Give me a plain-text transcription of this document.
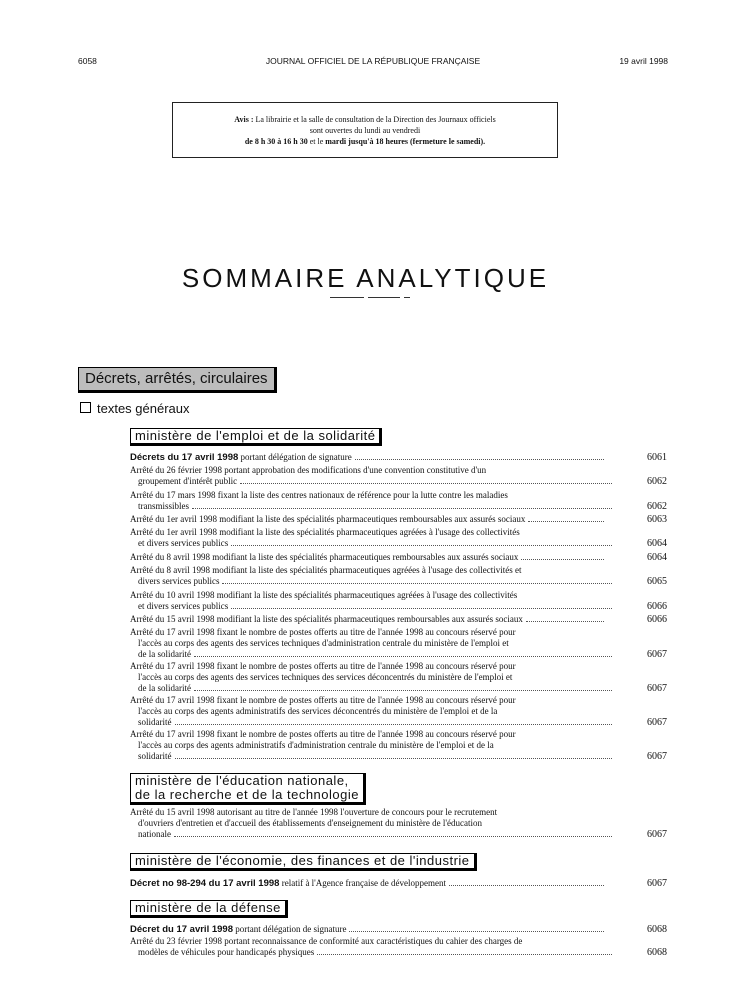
6058	JOURNAL OFFICIEL DE LA RÉPUBLIQUE FRANÇAISE	19 avril 1998
Avis : La librairie et la salle de consultation de la Direction des Journaux officiels
sont ouvertes du lundi au vendredi
de 8 h 30 à 16 h 30 et le mardi jusqu'à 18 heures (fermeture le samedi).
SOMMAIRE ANALYTIQUE
Décrets, arrêtés, circulaires
textes généraux
ministère de l'emploi et de la solidarité
Décrets du 17 avril 1998
portant délégation de signature	6061
Arrêté du 26 février 1998 portant approbation des modifications d'une convention constitutive d'un
groupement d'intérêt public	6062
Arrêté du 17 mars 1998 fixant la liste des centres nationaux de référence pour la lutte contre les maladies
transmissibles	6062
Arrêté du 1er avril 1998 modifiant la liste des spécialités pharmaceutiques remboursables aux assurés sociaux	6063
Arrêté du 1er avril 1998 modifiant la liste des spécialités pharmaceutiques agréées à l'usage des collectivités
et divers services publics	6064
Arrêté du 8 avril 1998 modifiant la liste des spécialités pharmaceutiques remboursables aux assurés sociaux	6064
Arrêté du 8 avril 1998 modifiant la liste des spécialités pharmaceutiques agréées à l'usage des collectivités et
divers services publics	6065
Arrêté du 10 avril 1998 modifiant la liste des spécialités pharmaceutiques agréées à l'usage des collectivités
et divers services publics	6066
Arrêté du 15 avril 1998 modifiant la liste des spécialités pharmaceutiques remboursables aux assurés sociaux	6066
Arrêté du 17 avril 1998 fixant le nombre de postes offerts au titre de l'année 1998 au concours réservé pour
l'accès au corps des agents des services techniques d'administration centrale du ministère de l'emploi et
de la solidarité	6067
Arrêté du 17 avril 1998 fixant le nombre de postes offerts au titre de l'année 1998 au concours réservé pour
l'accès au corps des agents des services techniques des services déconcentrés du ministère de l'emploi et
de la solidarité	6067
Arrêté du 17 avril 1998 fixant le nombre de postes offerts au titre de l'année 1998 au concours réservé pour
l'accès au corps des agents administratifs des services déconcentrés du ministère de l'emploi et de la
solidarité	6067
Arrêté du 17 avril 1998 fixant le nombre de postes offerts au titre de l'année 1998 au concours réservé pour
l'accès au corps des agents administratifs d'administration centrale du ministère de l'emploi et de la
solidarité	6067
ministère de l'éducation nationale,
de la recherche et de la technologie
Arrêté du 15 avril 1998 autorisant au titre de l'année 1998 l'ouverture de concours pour le recrutement
d'ouvriers d'entretien et d'accueil des établissements d'enseignement du ministère de l'éducation
nationale	6067
ministère de l'économie, des finances et de l'industrie
Décret no 98-294 du 17 avril 1998
relatif à l'Agence française de développement	6067
ministère de la défense
Décret du 17 avril 1998
portant délégation de signature	6068
Arrêté du 23 février 1998 portant reconnaissance de conformité aux caractéristiques du cahier des charges de
modèles de véhicules pour handicapés physiques	6068
